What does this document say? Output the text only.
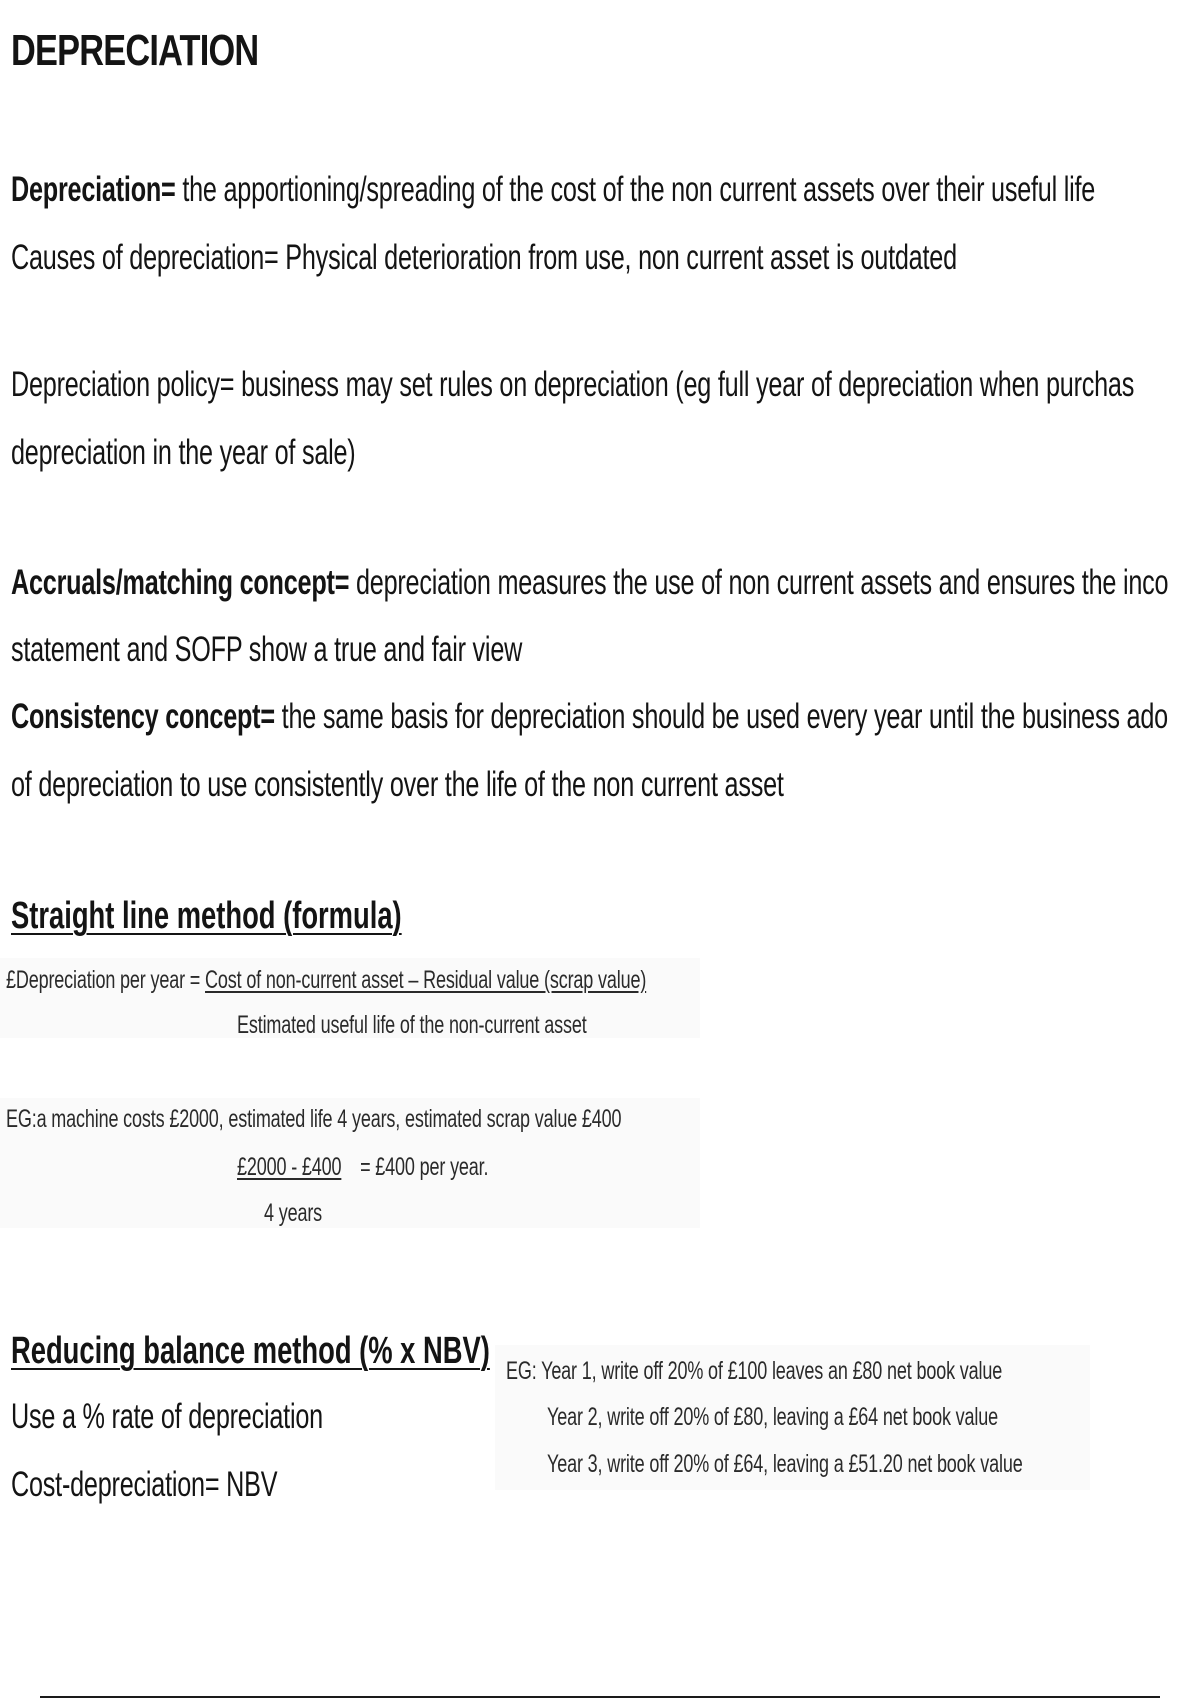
DEPRECIATION
Depreciation= the apportioning/spreading of the cost of the non current assets over their useful life
Causes of depreciation= Physical deterioration from use, non current asset is outdated
Depreciation policy= business may set rules on depreciation (eg full year of depreciation when purchas
depreciation in the year of sale)
Accruals/matching concept= depreciation measures the use of non current assets and ensures the inco
statement and SOFP show a true and fair view
Consistency concept= the same basis for depreciation should be used every year until the business ado
of depreciation to use consistently over the life of the non current asset
Straight line method (formula)
£Depreciation per year = Cost of non-current asset – Residual value (scrap value)
Estimated useful life of the non-current asset
EG:a machine costs £2000, estimated life 4 years, estimated scrap value £400
£2000 - £400 = £400 per year.
4 years
Reducing balance method (% x NBV)
Use a % rate of depreciation
Cost-depreciation= NBV
EG: Year 1, write off 20% of £100 leaves an £80 net book value
Year 2, write off 20% of £80, leaving a £64 net book value
Year 3, write off 20% of £64, leaving a £51.20 net book value
